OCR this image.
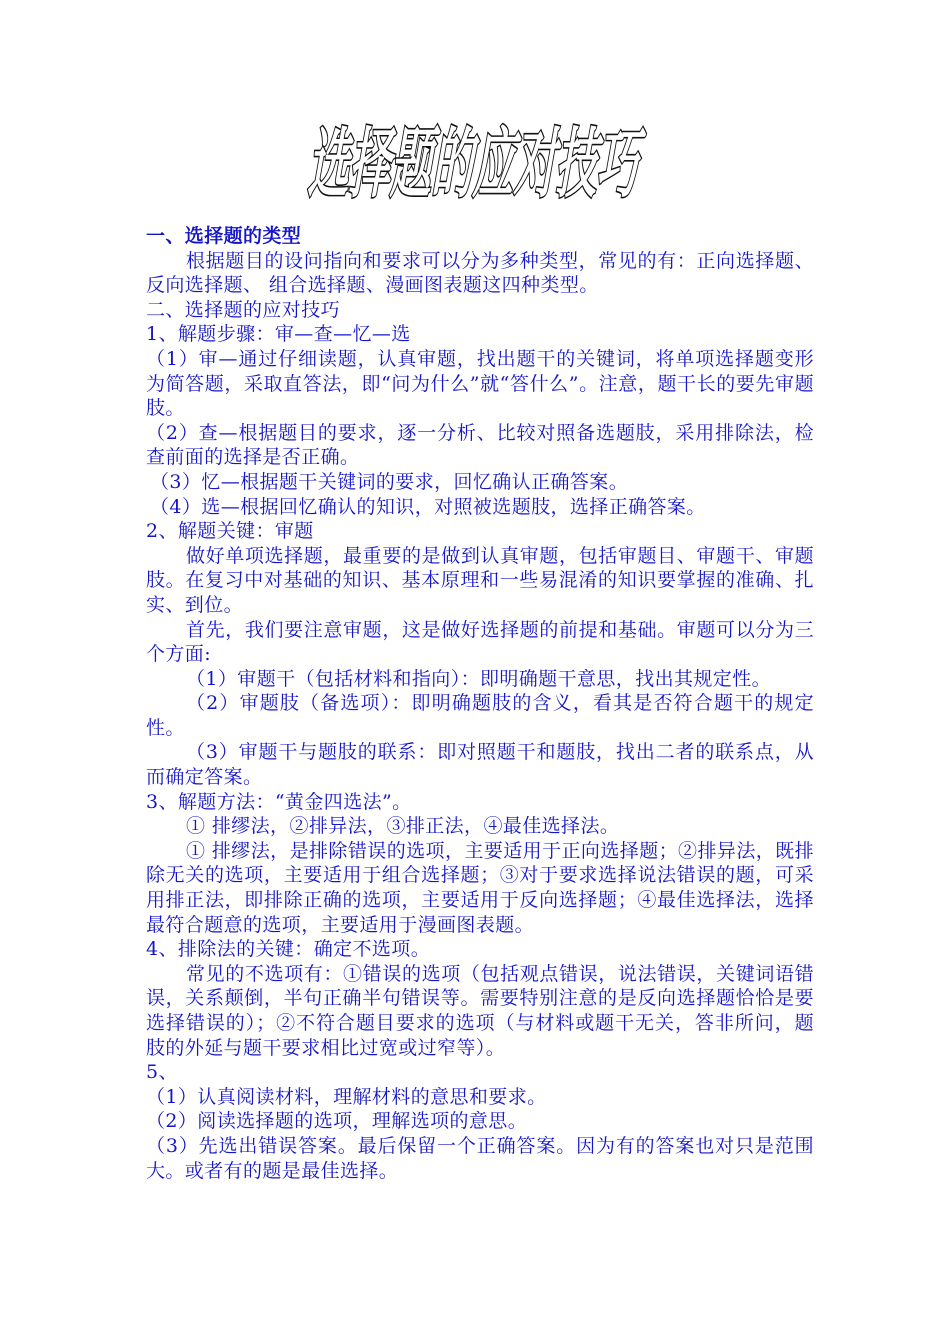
选择题的应对技巧

一、选择题的类型

根据题目的设问指向和要求可以分为多种类型，常见的有：正向选择题、反向选择题、 组合选择题、漫画图表题这四种类型。

二、选择题的应对技巧

1、解题步骤：审—查—忆—选

（1）审—通过仔细读题，认真审题，找出题干的关键词，将单项选择题变形为简答题，采取直答法，即“问为什么”就“答什么”。注意，题干长的要先审题肢。

（2）查—根据题目的要求，逐一分析、比较对照备选题肢，采用排除法，检查前面的选择是否正确。

（3）忆—根据题干关键词的要求，回忆确认正确答案。

（4）选—根据回忆确认的知识，对照被选题肢，选择正确答案。

2、解题关键：审题

做好单项选择题，最重要的是做到认真审题，包括审题目、审题干、审题肢。在复习中对基础的知识、基本原理和一些易混淆的知识要掌握的准确、扎实、到位。

首先，我们要注意审题，这是做好选择题的前提和基础。审题可以分为三个方面:

（1）审题干（包括材料和指向）：即明确题干意思，找出其规定性。

（2）审题肢（备选项）：即明确题肢的含义，看其是否符合题干的规定性。

（3）审题干与题肢的联系：即对照题干和题肢，找出二者的联系点，从而确定答案。

3、解题方法：“黄金四选法”。

① 排缪法，②排异法，③排正法，④最佳选择法。

① 排缪法，是排除错误的选项，主要适用于正向选择题；②排异法，既排除无关的选项，主要适用于组合选择题；③对于要求选择说法错误的题，可采用排正法，即排除正确的选项，主要适用于反向选择题；④最佳选择法，选择最符合题意的选项，主要适用于漫画图表题。

4、排除法的关键：确定不选项。

常见的不选项有：①错误的选项（包括观点错误，说法错误，关键词语错误，关系颠倒，半句正确半句错误等。需要特别注意的是反向选择题恰恰是要选择错误的）；②不符合题目要求的选项（与材料或题干无关，答非所问，题肢的外延与题干要求相比过宽或过窄等）。

5、

（1）认真阅读材料，理解材料的意思和要求。

（2）阅读选择题的选项，理解选项的意思。

（3）先选出错误答案。最后保留一个正确答案。因为有的答案也对只是范围大。或者有的题是最佳选择。
